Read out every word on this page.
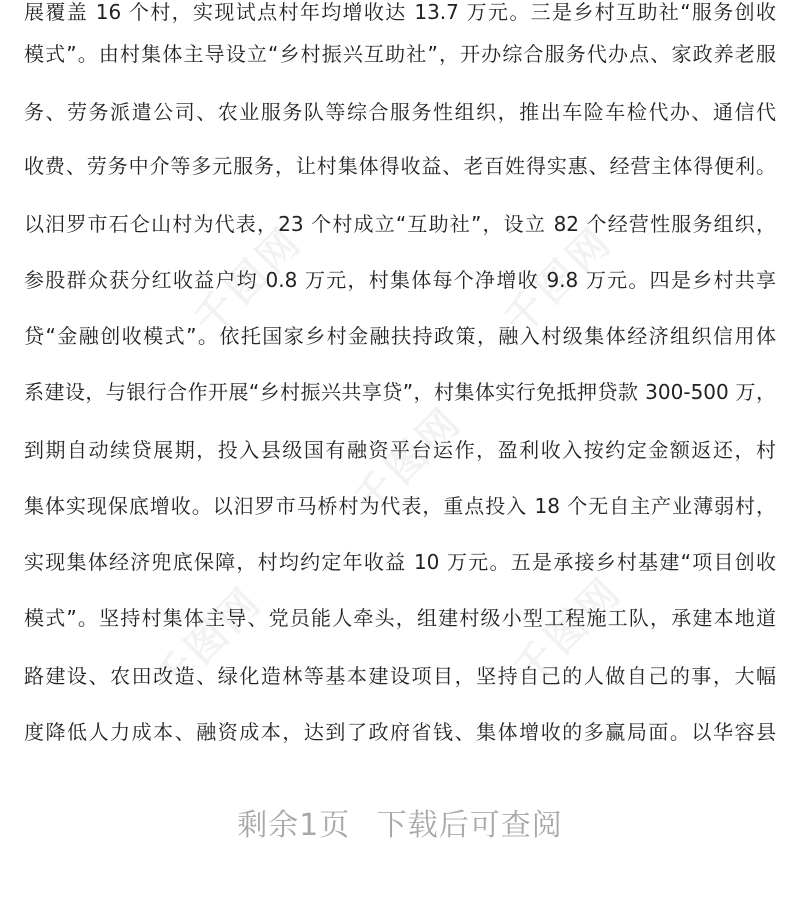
展覆盖 16 个村，实现试点村年均增收达 13.7 万元。三是乡村互助社“服务创收
模式”。由村集体主导设立“乡村振兴互助社”，开办综合服务代办点、家政养老服
务、劳务派遣公司、农业服务队等综合服务性组织，推出车险车检代办、通信代
收费、劳务中介等多元服务，让村集体得收益、老百姓得实惠、经营主体得便利。
以汨罗市石仑山村为代表，23 个村成立“互助社”，设立 82 个经营性服务组织，
参股群众获分红收益户均 0.8 万元，村集体每个净增收 9.8 万元。四是乡村共享
贷“金融创收模式”。依托国家乡村金融扶持政策，融入村级集体经济组织信用体
系建设，与银行合作开展“乡村振兴共享贷”，村集体实行免抵押贷款 300-500 万，
到期自动续贷展期，投入县级国有融资平台运作，盈利收入按约定金额返还，村
集体实现保底增收。以汨罗市马桥村为代表，重点投入 18 个无自主产业薄弱村，
实现集体经济兜底保障，村均约定年收益 10 万元。五是承接乡村基建“项目创收
模式”。坚持村集体主导、党员能人牵头，组建村级小型工程施工队，承建本地道
路建设、农田改造、绿化造林等基本建设项目，坚持自己的人做自己的事，大幅
度降低人力成本、融资成本，达到了政府省钱、集体增收的多赢局面。以华容县
千图网	千图网
千图网
千图网
千图网
剩余1页 下载后可查阅
